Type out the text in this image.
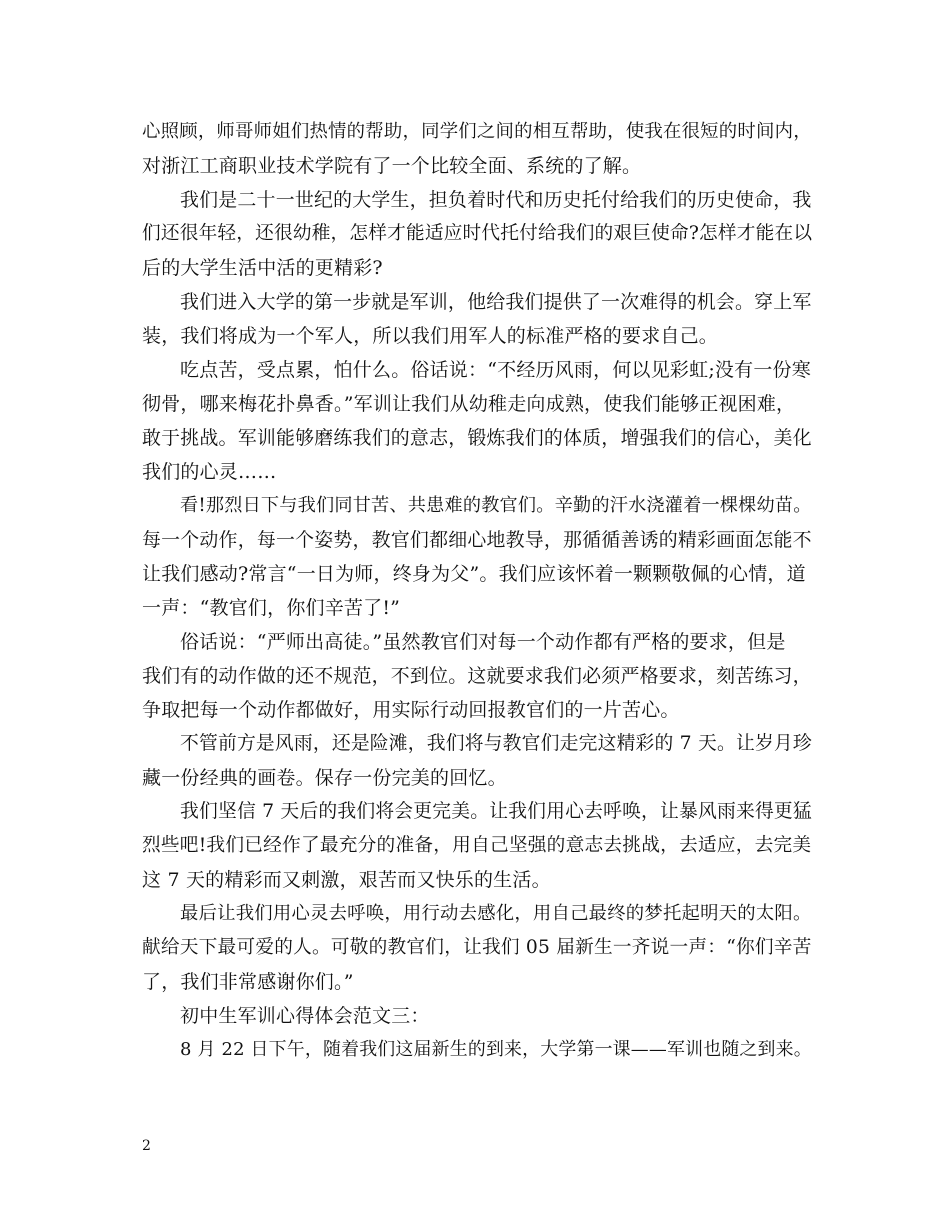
心照顾，师哥师姐们热情的帮助，同学们之间的相互帮助，使我在很短的时间内，
对浙江工商职业技术学院有了一个比较全面、系统的了解。
我们是二十一世纪的大学生，担负着时代和历史托付给我们的历史使命，我
们还很年轻，还很幼稚，怎样才能适应时代托付给我们的艰巨使命?怎样才能在以
后的大学生活中活的更精彩?
我们进入大学的第一步就是军训，他给我们提供了一次难得的机会。穿上军
装，我们将成为一个军人，所以我们用军人的标准严格的要求自己。
吃点苦，受点累，怕什么。俗话说：“不经历风雨，何以见彩虹;没有一份寒
彻骨，哪来梅花扑鼻香。”军训让我们从幼稚走向成熟，使我们能够正视困难，
敢于挑战。军训能够磨练我们的意志，锻炼我们的体质，增强我们的信心，美化
我们的心灵……
看!那烈日下与我们同甘苦、共患难的教官们。辛勤的汗水浇灌着一棵棵幼苗。
每一个动作，每一个姿势，教官们都细心地教导，那循循善诱的精彩画面怎能不
让我们感动?常言“一日为师，终身为父”。我们应该怀着一颗颗敬佩的心情，道
一声：“教官们，你们辛苦了!”
俗话说：“严师出高徒。”虽然教官们对每一个动作都有严格的要求，但是
我们有的动作做的还不规范，不到位。这就要求我们必须严格要求，刻苦练习，
争取把每一个动作都做好，用实际行动回报教官们的一片苦心。
不管前方是风雨，还是险滩，我们将与教官们走完这精彩的 7 天。让岁月珍
藏一份经典的画卷。保存一份完美的回忆。
我们坚信 7 天后的我们将会更完美。让我们用心去呼唤，让暴风雨来得更猛
烈些吧!我们已经作了最充分的准备，用自己坚强的意志去挑战，去适应，去完美
这 7 天的精彩而又刺激，艰苦而又快乐的生活。
最后让我们用心灵去呼唤，用行动去感化，用自己最终的梦托起明天的太阳。
献给天下最可爱的人。可敬的教官们，让我们 05 届新生一齐说一声：“你们辛苦
了，我们非常感谢你们。”
初中生军训心得体会范文三：
8 月 22 日下午，随着我们这届新生的到来，大学第一课——军训也随之到来。
2
